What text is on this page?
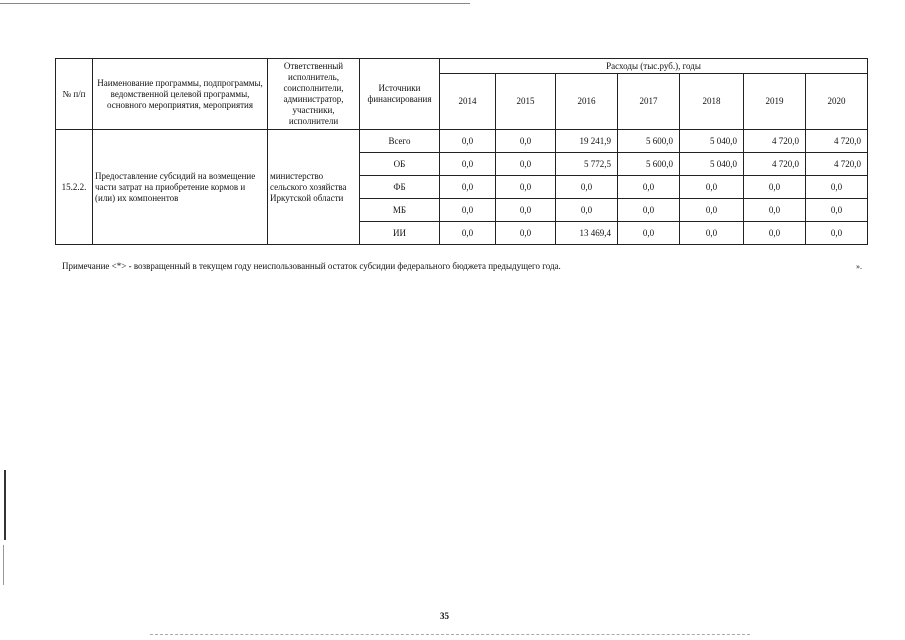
№ п/п	Наименование программы, подпрограммы, ведомственной целевой программы, основного мероприятия, мероприятия	Ответственный исполнитель, соисполнители, администратор, участники, исполнители	Источники финансирования	Расходы (тыс.руб.), годы						
				2014	2015	2016	2017	2018	2019	2020
15.2.2.	Предоставление субсидий на возмещение части затрат на приобретение кормов и (или) их компонентов	министерство сельского хозяйства Иркутской области	Всего	0,0	0,0	19 241,9	5 600,0	5 040,0	4 720,0	4 720,0
			ОБ	0,0	0,0	5 772,5	5 600,0	5 040,0	4 720,0	4 720,0
			ФБ	0,0	0,0	0,0	0,0	0,0	0,0	0,0
			МБ	0,0	0,0	0,0	0,0	0,0	0,0	0,0
			ИИ	0,0	0,0	13 469,4	0,0	0,0	0,0	0,0
Примечание <*> - возвращенный в текущем году неиспользованный остаток субсидии федерального бюджета предыдущего года.	».
35
